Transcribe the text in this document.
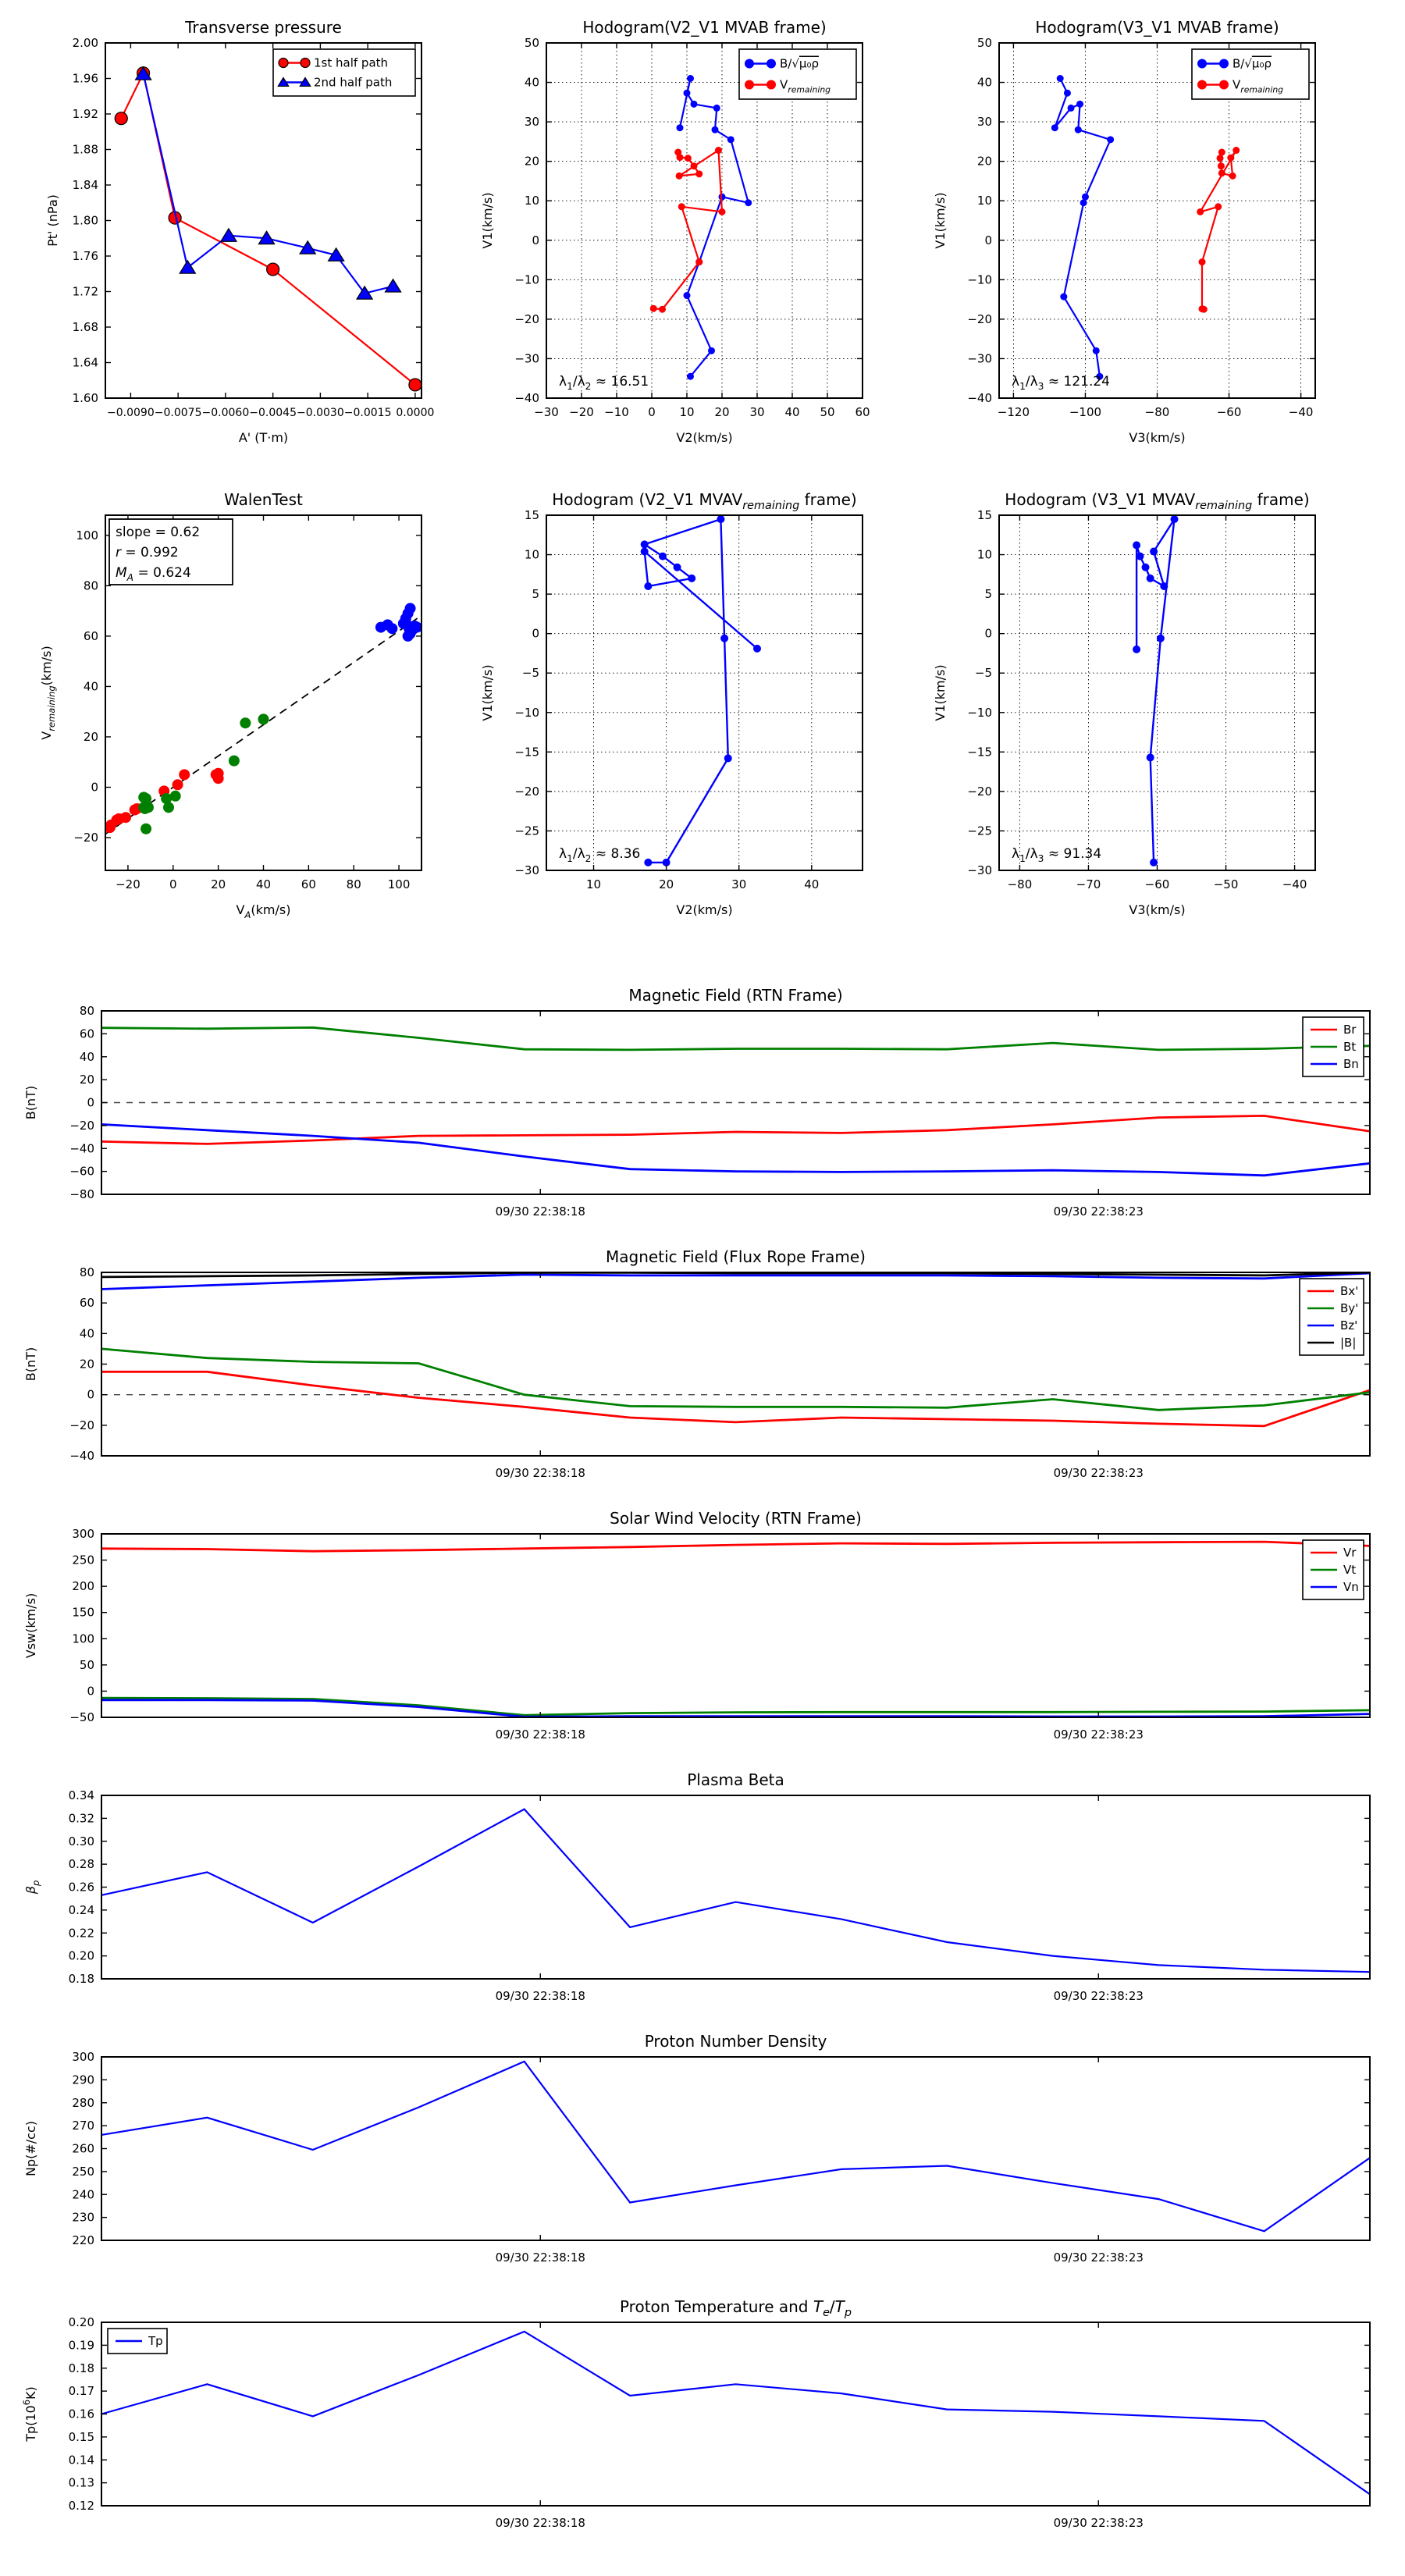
−0.0090 −0.0075 −0.0060 −0.0045 −0.0030 −0.0015 0.0000
1.60
1.64
1.68
1.72
1.76
1.80
1.84
1.88
1.92
1.96
2.00
Transverse pressure
A' (T·m)
Pt' (nPa)
1st half path
2nd half path
−30 −20 −10 0 10 20 30 40 50 60
−40
−30
−20
−10
0
10
20
30
40
50
Hodogram(V2_V1 MVAB frame)
V2(km/s)
V1(km/s)
B/√μ₀ρ
$V_{remaining}$
$\lambda_1/\lambda_2 \approx 16.51$
−120	−100	−80	−60	−40
−40
−30
−20
−10
0
10
20
30
40
50
Hodogram(V3_V1 MVAB frame)
V3(km/s)
V1(km/s)
B/√μ₀ρ
$V_{remaining}$
$\lambda_1/\lambda_3 \approx 121.24$
−20 0	20	40	60	80 100
−20
0
20
40
60
80
100
WalenTest
$V_A(km/s)$
$V_{remaining}(km/s)$
slope = 0.62
r = 0.992
$M_A = 0.624$
10	20	30	40
−30
−25
−20
−15
−10
−5
0
5
10
15
Hodogram (V2_V1 $MVAV_{remaining}$ frame)
V2(km/s)
V1(km/s)
$\lambda_1/\lambda_2 \approx 8.36$
−80	−70	−60	−50	−40
−30
−25
−20
−15
−10
−5
0
5
10
15
Hodogram (V3_V1 $MVAV_{remaining}$ frame)
V3(km/s)
V1(km/s)
$\lambda_1/\lambda_3 \approx 91.34$
09/30 22:38:18	09/30 22:38:23
−80
−60
−40
−20
0
20
40
60
80
Magnetic Field (RTN Frame)
B(nT)
Br
Bt
Bn
09/30 22:38:18	09/30 22:38:23
−40
−20
0
20
40
60
80
Magnetic Field (Flux Rope Frame)
B(nT)
Bx'
By'
Bz'
|B|
09/30 22:38:18	09/30 22:38:23
−50
0
50
100
150
200
250
300
Solar Wind Velocity (RTN Frame)
Vsw(km/s)
Vr
Vt
Vn
09/30 22:38:18	09/30 22:38:23
0.18
0.20
0.22
0.24
0.26
0.28
0.30
0.32
0.34
Plasma Beta
$\beta_p$
09/30 22:38:18	09/30 22:38:23
220
230
240
250
260
270
280
290
300
Proton Number Density
Np(#/cc)
09/30 22:38:18	09/30 22:38:23
0.12
0.13
0.14
0.15
0.16
0.17
0.18
0.19
0.20
Proton Temperature and $T_e/T_p$
$Tp(10^6K)$
Tp
